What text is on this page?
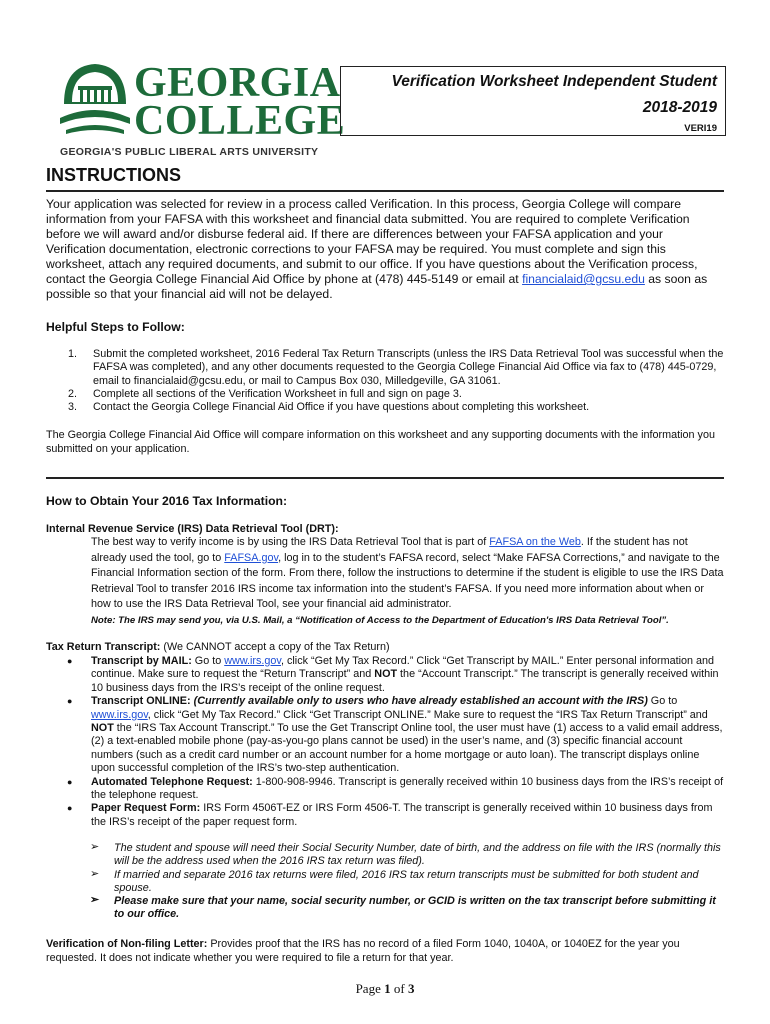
GEORGIA
COLLEGE
GEORGIA'S PUBLIC LIBERAL ARTS UNIVERSITY
Verification Worksheet Independent Student
2018-2019
VERI19
INSTRUCTIONS
Your application was selected for review in a process called Verification. In this process, Georgia College will compare information from your FAFSA with this worksheet and financial data submitted. You are required to complete Verification before we will award and/or disburse federal aid. If there are differences between your FAFSA application and your Verification documentation, electronic corrections to your FAFSA may be required. You must complete and sign this worksheet, attach any required documents, and submit to our office. If you have questions about the Verification process, contact the Georgia College Financial Aid Office by phone at (478) 445-5149 or email at financialaid@gcsu.edu as soon as possible so that your financial aid will not be delayed.
Helpful Steps to Follow:
1. Submit the completed worksheet, 2016 Federal Tax Return Transcripts (unless the IRS Data Retrieval Tool was successful when the FAFSA was completed), and any other documents requested to the Georgia College Financial Aid Office via fax to (478) 445-0729, email to financialaid@gcsu.edu, or mail to Campus Box 030, Milledgeville, GA 31061.
2. Complete all sections of the Verification Worksheet in full and sign on page 3.
3. Contact the Georgia College Financial Aid Office if you have questions about completing this worksheet.
The Georgia College Financial Aid Office will compare information on this worksheet and any supporting documents with the information you submitted on your application.
How to Obtain Your 2016 Tax Information:
Internal Revenue Service (IRS) Data Retrieval Tool (DRT):
The best way to verify income is by using the IRS Data Retrieval Tool that is part of FAFSA on the Web. If the student has not already used the tool, go to FAFSA.gov, log in to the student’s FAFSA record, select “Make FAFSA Corrections,” and navigate to the Financial Information section of the form. From there, follow the instructions to determine if the student is eligible to use the IRS Data Retrieval Tool to transfer 2016 IRS income tax information into the student’s FAFSA. If you need more information about when or how to use the IRS Data Retrieval Tool, see your financial aid administrator.
Note: The IRS may send you, via U.S. Mail, a “Notification of Access to the Department of Education's IRS Data Retrieval Tool”.
Tax Return Transcript: (We CANNOT accept a copy of the Tax Return)
● Transcript by MAIL: Go to www.irs.gov, click “Get My Tax Record.” Click “Get Transcript by MAIL.” Enter personal information and continue. Make sure to request the “Return Transcript” and NOT the “Account Transcript.” The transcript is generally received within 10 business days from the IRS’s receipt of the online request.
● Transcript ONLINE: (Currently available only to users who have already established an account with the IRS) Go to www.irs.gov, click “Get My Tax Record.” Click “Get Transcript ONLINE.” Make sure to request the “IRS Tax Return Transcript” and NOT the “IRS Tax Account Transcript.” To use the Get Transcript Online tool, the user must have (1) access to a valid email address, (2) a text-enabled mobile phone (pay-as-you-go plans cannot be used) in the user’s name, and (3) specific financial account numbers (such as a credit card number or an account number for a home mortgage or auto loan). The transcript displays online upon successful completion of the IRS’s two-step authentication.
● Automated Telephone Request: 1-800-908-9946. Transcript is generally received within 10 business days from the IRS’s receipt of the telephone request.
● Paper Request Form: IRS Form 4506T-EZ or IRS Form 4506-T. The transcript is generally received within 10 business days from the IRS’s receipt of the paper request form.
➢ The student and spouse will need their Social Security Number, date of birth, and the address on file with the IRS (normally this will be the address used when the 2016 IRS tax return was filed).
➢ If married and separate 2016 tax returns were filed, 2016 IRS tax return transcripts must be submitted for both student and spouse.
➢ Please make sure that your name, social security number, or GCID is written on the tax transcript before submitting it to our office.
Verification of Non-filing Letter: Provides proof that the IRS has no record of a filed Form 1040, 1040A, or 1040EZ for the year you requested. It does not indicate whether you were required to file a return for that year.
Page 1 of 3
